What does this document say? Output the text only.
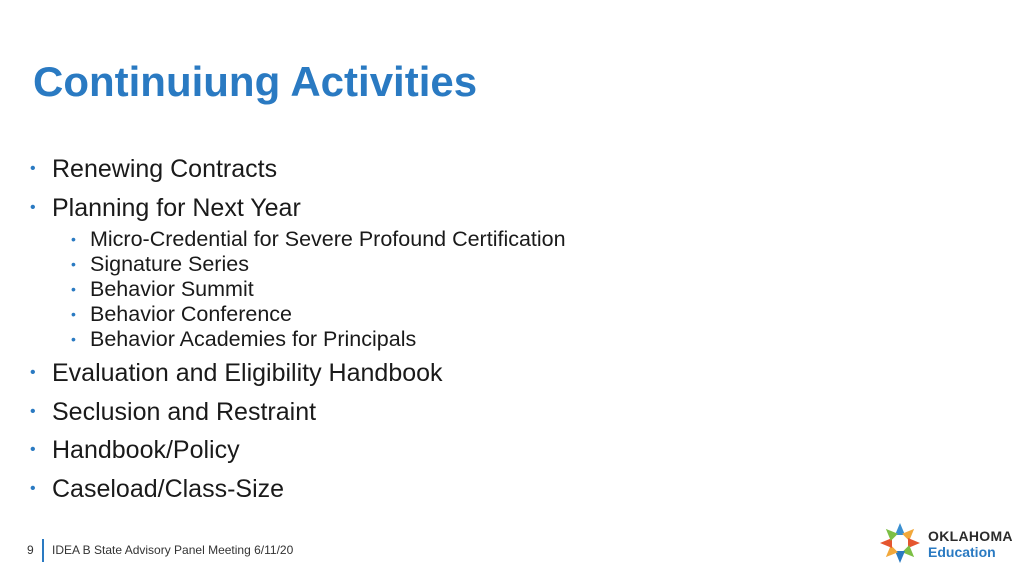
Continuiung Activities
• Renewing Contracts
• Planning for Next Year
• Micro-Credential for Severe Profound Certification
• Signature Series
• Behavior Summit
• Behavior Conference
• Behavior Academies for Principals
• Evaluation and Eligibility Handbook
• Seclusion and Restraint
• Handbook/Policy
• Caseload/Class-Size
9 IDEA B State Advisory Panel Meeting 6/11/20
OKLAHOMA
Education
